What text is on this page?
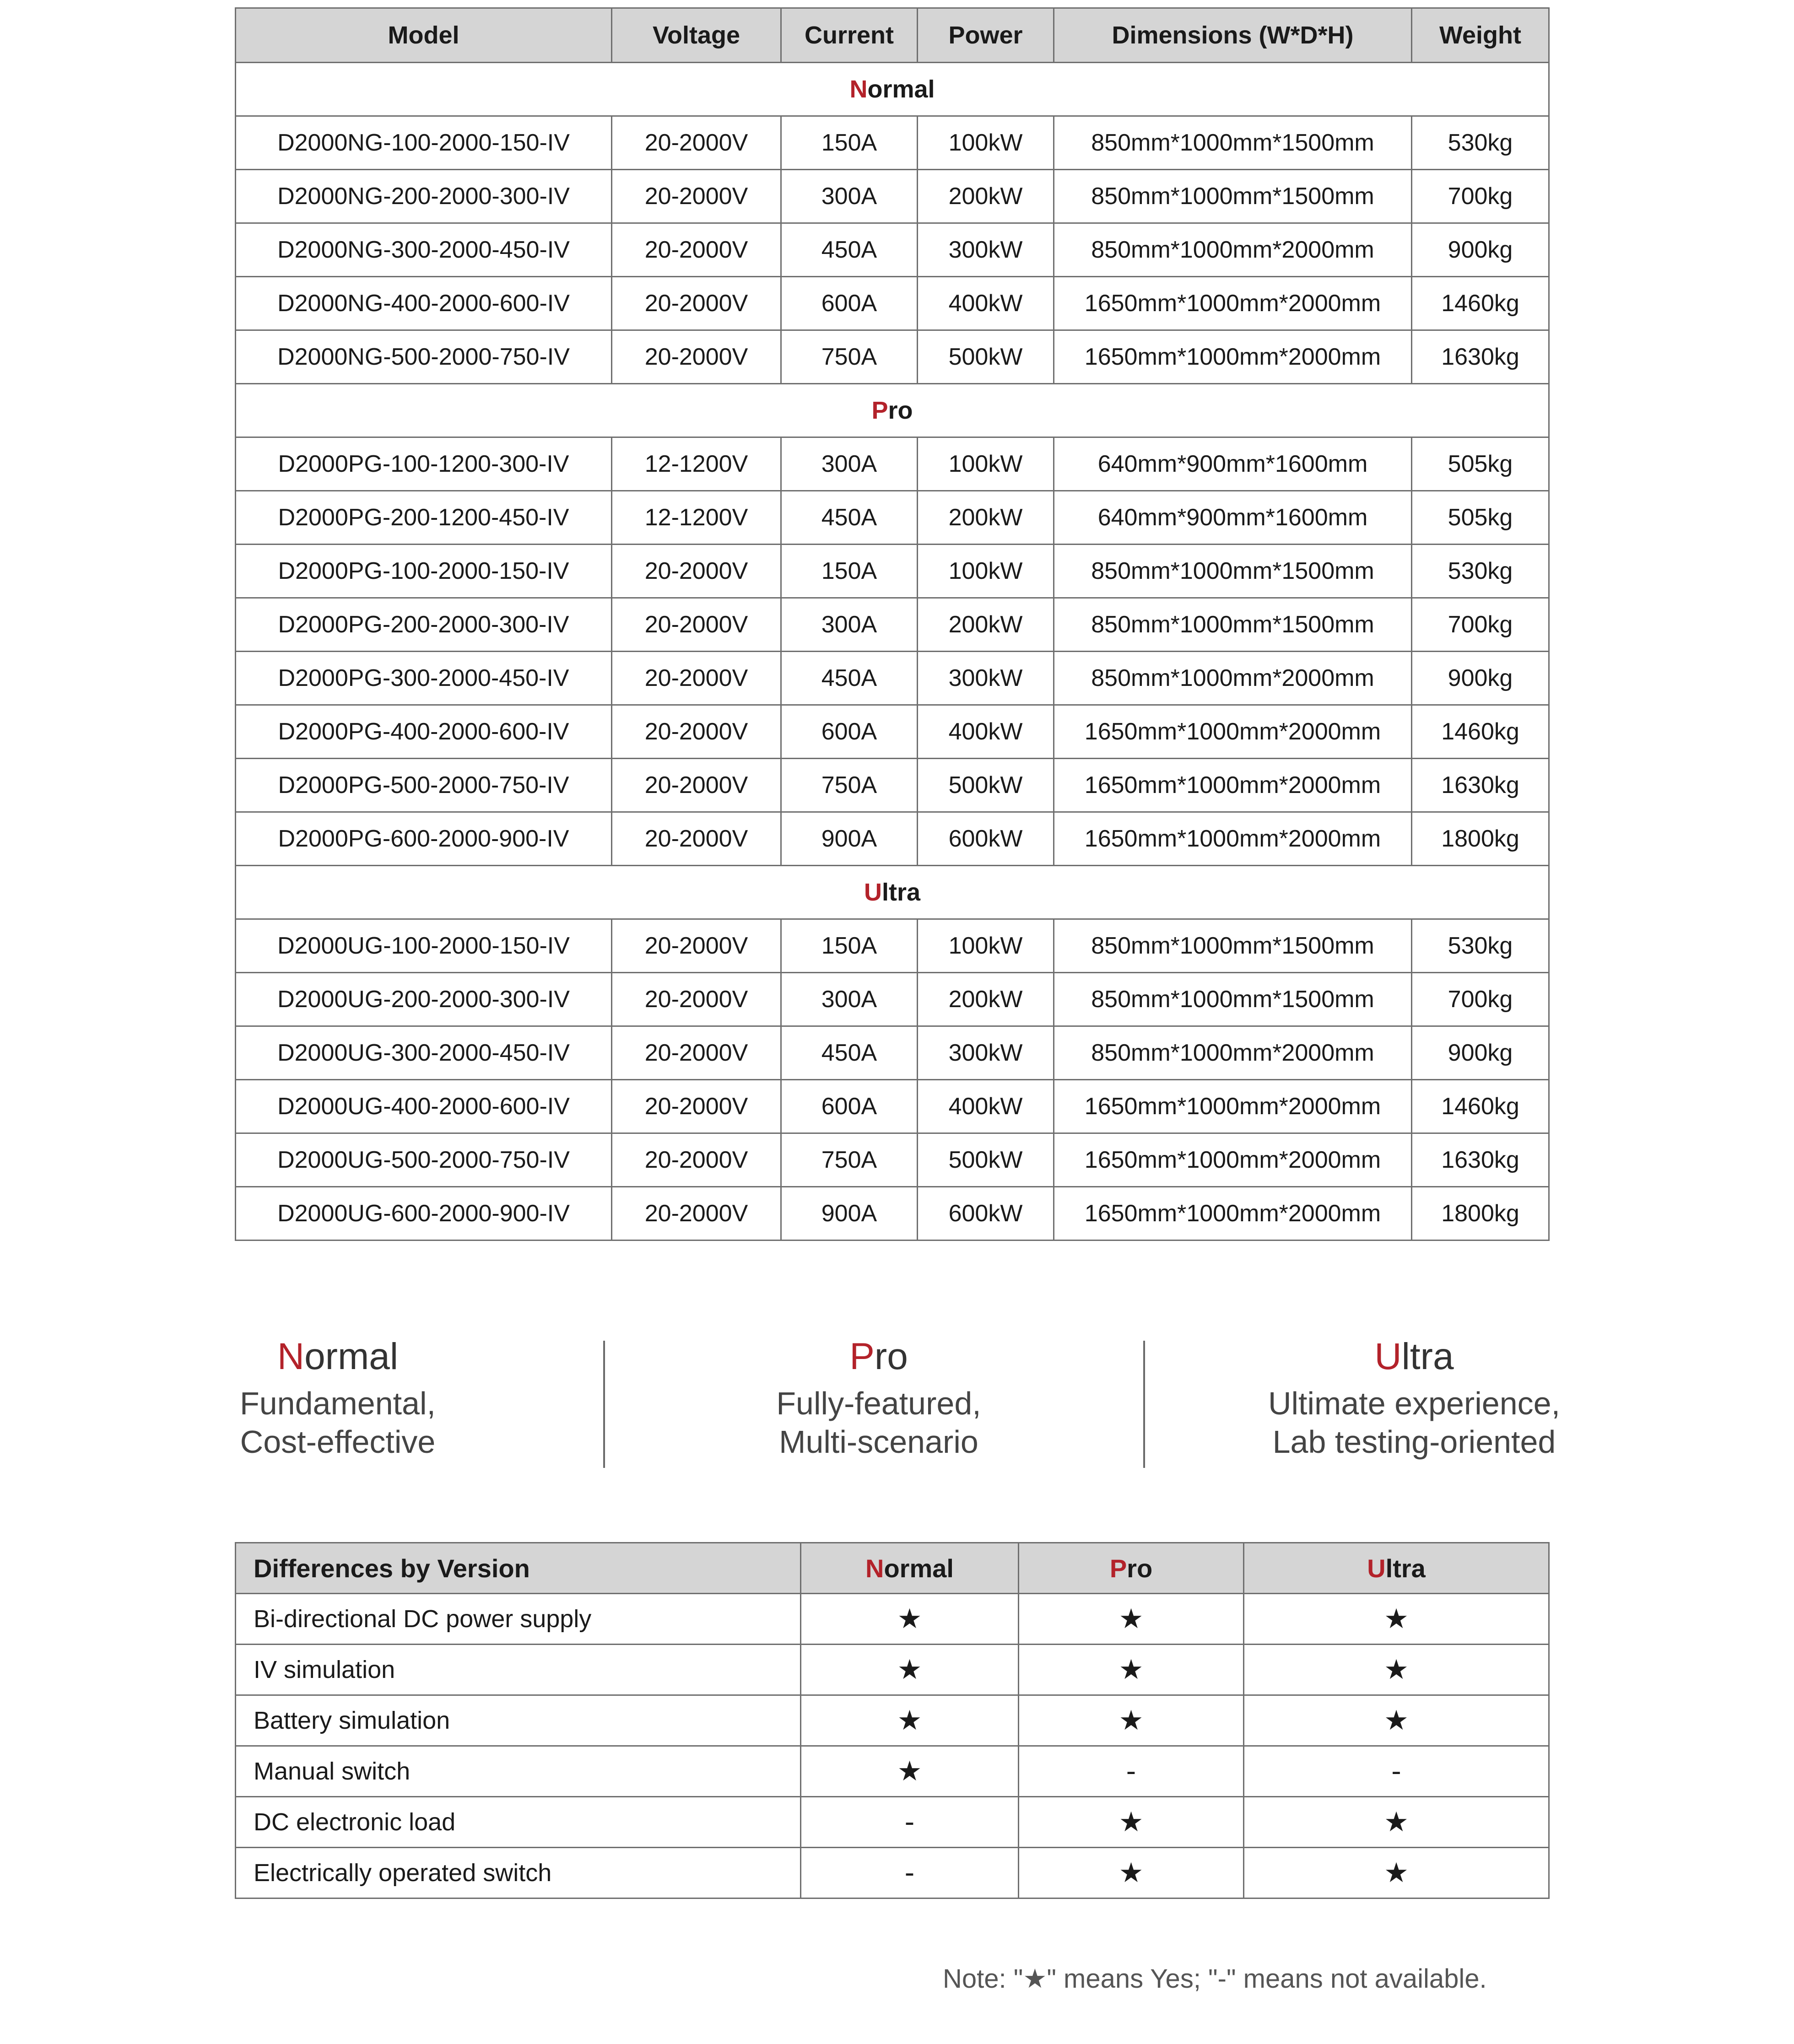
Model	Voltage	Current	Power	Dimensions (W*D*H)	Weight
Normal					
D2000NG-100-2000-150-IV	20-2000V	150A	100kW	850mm*1000mm*1500mm	530kg
D2000NG-200-2000-300-IV	20-2000V	300A	200kW	850mm*1000mm*1500mm	700kg
D2000NG-300-2000-450-IV	20-2000V	450A	300kW	850mm*1000mm*2000mm	900kg
D2000NG-400-2000-600-IV	20-2000V	600A	400kW	1650mm*1000mm*2000mm	1460kg
D2000NG-500-2000-750-IV	20-2000V	750A	500kW	1650mm*1000mm*2000mm	1630kg
Pro					
D2000PG-100-1200-300-IV	12-1200V	300A	100kW	640mm*900mm*1600mm	505kg
D2000PG-200-1200-450-IV	12-1200V	450A	200kW	640mm*900mm*1600mm	505kg
D2000PG-100-2000-150-IV	20-2000V	150A	100kW	850mm*1000mm*1500mm	530kg
D2000PG-200-2000-300-IV	20-2000V	300A	200kW	850mm*1000mm*1500mm	700kg
D2000PG-300-2000-450-IV	20-2000V	450A	300kW	850mm*1000mm*2000mm	900kg
D2000PG-400-2000-600-IV	20-2000V	600A	400kW	1650mm*1000mm*2000mm	1460kg
D2000PG-500-2000-750-IV	20-2000V	750A	500kW	1650mm*1000mm*2000mm	1630kg
D2000PG-600-2000-900-IV	20-2000V	900A	600kW	1650mm*1000mm*2000mm	1800kg
Ultra					
D2000UG-100-2000-150-IV	20-2000V	150A	100kW	850mm*1000mm*1500mm	530kg
D2000UG-200-2000-300-IV	20-2000V	300A	200kW	850mm*1000mm*1500mm	700kg
D2000UG-300-2000-450-IV	20-2000V	450A	300kW	850mm*1000mm*2000mm	900kg
D2000UG-400-2000-600-IV	20-2000V	600A	400kW	1650mm*1000mm*2000mm	1460kg
D2000UG-500-2000-750-IV	20-2000V	750A	500kW	1650mm*1000mm*2000mm	1630kg
D2000UG-600-2000-900-IV	20-2000V	900A	600kW	1650mm*1000mm*2000mm	1800kg
Normal
Fundamental,
Cost-effective
Pro
Fully-featured,
Multi-scenario
Ultra
Ultimate experience,
Lab testing-oriented
Differences by Version	Normal	Pro	Ultra
Bi-directional DC power supply	★	★	★
IV simulation	★	★	★
Battery simulation	★	★	★
Manual switch	★	-	-
DC electronic load	-	★	★
Electrically operated switch	-	★	★
Note: "★" means Yes; "-" means not available.
